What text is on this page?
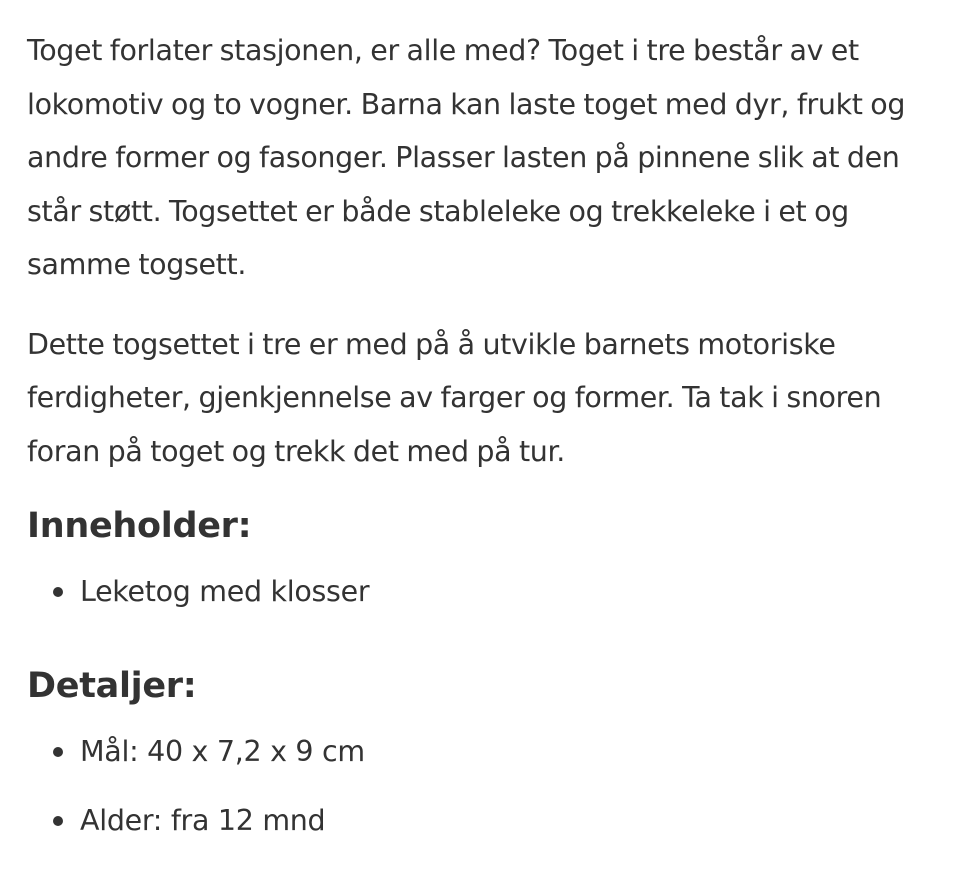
Toget forlater stasjonen, er alle med? Toget i tre består av et lokomotiv og to vogner. Barna kan laste toget med dyr, frukt og andre former og fasonger. Plasser lasten på pinnene slik at den står støtt. Togsettet er både stableleke og trekkeleke i et og samme togsett.

Dette togsettet i tre er med på å utvikle barnets motoriske ferdigheter, gjenkjennelse av farger og former. Ta tak i snoren foran på toget og trekk det med på tur.

Inneholder:
Leketog med klosser
Detaljer:
Mål: 40 x 7,2 x 9 cm
Alder: fra 12 mnd
